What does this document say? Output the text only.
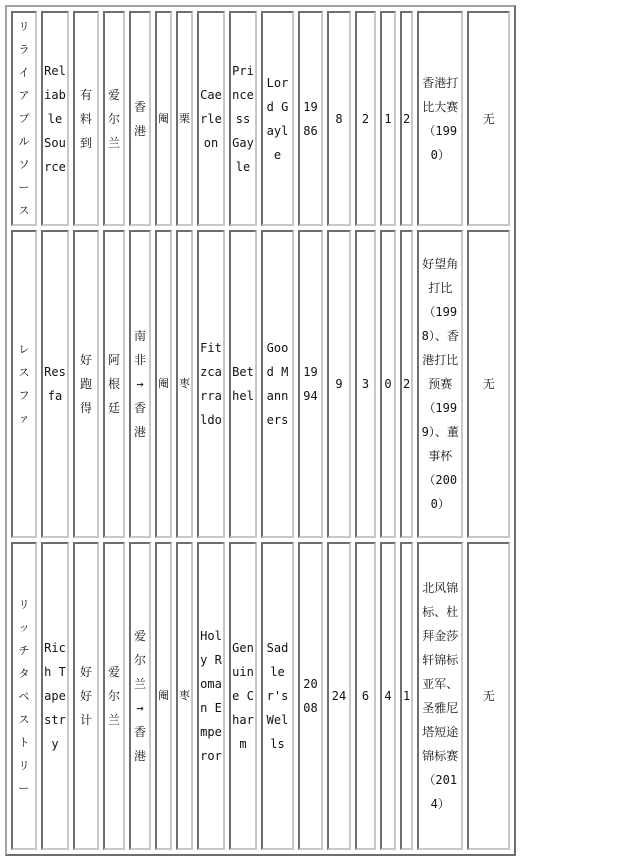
リライアブルソース	Reliable Source	有料到	爱尔兰	香港	阉	栗	Caerleon	Princess Gayle	Lord Gayle	1986	8	2	1	2	香港打比大赛（1990）	无
レスファ	Resfa	好跑得	阿根廷	南非→香港	阉	枣	Fitzcarraldo	Bethel	Good Manners	1994	9	3	0	2	好望角打比（1998）、香港打比预赛（1999）、董事杯（2000）	无
リッチタペストリー	Rich Tapestry	好好计	爱尔兰	爱尔兰→香港	阉	枣	Holy Roman Emperor	Genuine Charm	Sadler's Wells	2008	24	6	4	1	北风锦标、杜拜金莎轩锦标亚军、圣雅尼塔短途锦标赛（2014）	无
